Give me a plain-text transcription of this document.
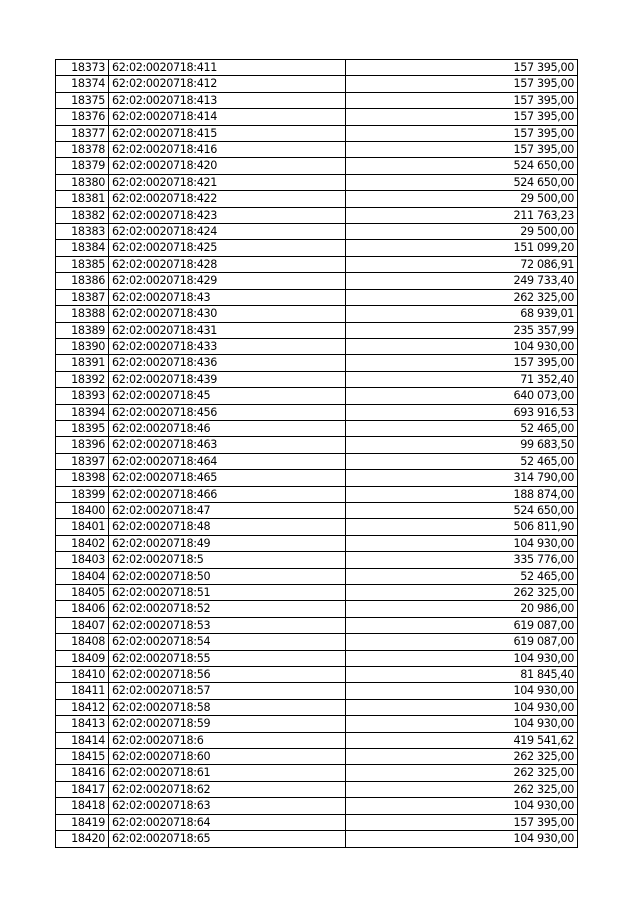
18373	62:02:0020718:411	157 395,00
18374	62:02:0020718:412	157 395,00
18375	62:02:0020718:413	157 395,00
18376	62:02:0020718:414	157 395,00
18377	62:02:0020718:415	157 395,00
18378	62:02:0020718:416	157 395,00
18379	62:02:0020718:420	524 650,00
18380	62:02:0020718:421	524 650,00
18381	62:02:0020718:422	29 500,00
18382	62:02:0020718:423	211 763,23
18383	62:02:0020718:424	29 500,00
18384	62:02:0020718:425	151 099,20
18385	62:02:0020718:428	72 086,91
18386	62:02:0020718:429	249 733,40
18387	62:02:0020718:43	262 325,00
18388	62:02:0020718:430	68 939,01
18389	62:02:0020718:431	235 357,99
18390	62:02:0020718:433	104 930,00
18391	62:02:0020718:436	157 395,00
18392	62:02:0020718:439	71 352,40
18393	62:02:0020718:45	640 073,00
18394	62:02:0020718:456	693 916,53
18395	62:02:0020718:46	52 465,00
18396	62:02:0020718:463	99 683,50
18397	62:02:0020718:464	52 465,00
18398	62:02:0020718:465	314 790,00
18399	62:02:0020718:466	188 874,00
18400	62:02:0020718:47	524 650,00
18401	62:02:0020718:48	506 811,90
18402	62:02:0020718:49	104 930,00
18403	62:02:0020718:5	335 776,00
18404	62:02:0020718:50	52 465,00
18405	62:02:0020718:51	262 325,00
18406	62:02:0020718:52	20 986,00
18407	62:02:0020718:53	619 087,00
18408	62:02:0020718:54	619 087,00
18409	62:02:0020718:55	104 930,00
18410	62:02:0020718:56	81 845,40
18411	62:02:0020718:57	104 930,00
18412	62:02:0020718:58	104 930,00
18413	62:02:0020718:59	104 930,00
18414	62:02:0020718:6	419 541,62
18415	62:02:0020718:60	262 325,00
18416	62:02:0020718:61	262 325,00
18417	62:02:0020718:62	262 325,00
18418	62:02:0020718:63	104 930,00
18419	62:02:0020718:64	157 395,00
18420	62:02:0020718:65	104 930,00
